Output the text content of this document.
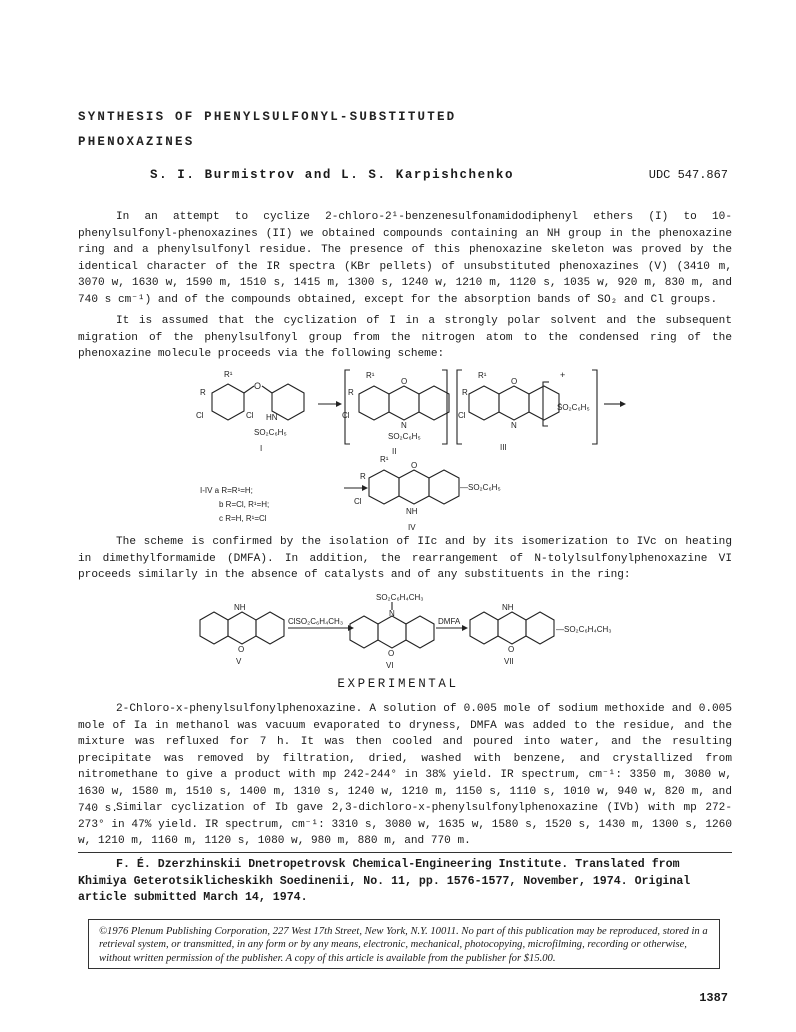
SYNTHESIS OF PHENYLSULFONYL-SUBSTITUTED
PHENOXAZINES
S. I. Burmistrov and L. S. Karpishchenko	UDC 547.867
In an attempt to cyclize 2-chloro-2¹-benzenesulfonamidodiphenyl ethers (I) to 10-phenylsulfonyl-phenoxazines (II) we obtained compounds containing an NH group in the phenoxazine ring and a phenylsulfonyl residue. The presence of this phenoxazine skeleton was proved by the identical character of the IR spectra (KBr pellets) of unsubstituted phenoxazines (V) (3410 m, 3070 w, 1630 w, 1590 m, 1510 s, 1415 m, 1300 s, 1240 w, 1210 m, 1120 s, 1035 w, 920 m, 830 m, and 740 s cm⁻¹) and of the compounds obtained, except for the absorption bands of SO₂ and Cl groups.
It is assumed that the cyclization of I in a strongly polar solvent and the subsequent migration of the phenylsulfonyl group from the nitrogen atom to the condensed ring of the phenoxazine molecule proceeds via the following scheme:
O
R¹
R
Cl	Cl HN
SO₂C₆H₅
I
R¹
R
Cl
O
N
SO₂C₆H₅
II
R¹
R
Cl
O
N
+
S̄O₂C₆H₅
III
R¹
R
Cl
O
NH
—SO₂C₆H₅
IV
I-IV a R=R¹=H;
b R=Cl, R¹=H;
c R=H, R¹=Cl
The scheme is confirmed by the isolation of IIc and by its isomerization to IVc on heating in dimethylformamide (DMFA). In addition, the rearrangement of N-tolylsulfonylphenoxazine VI proceeds similarly in the absence of catalysts and of any substituents in the ring:
NH
O
V
ClSO₂C₆H₄CH₃
SO₂C₆H₄CH₃
N
O
VI
DMFA
NH
O
—SO₂C₆H₄CH₃
VII
EXPERIMENTAL
2-Chloro-x-phenylsulfonylphenoxazine. A solution of 0.005 mole of sodium methoxide and 0.005 mole of Ia in methanol was vacuum evaporated to dryness, DMFA was added to the residue, and the mixture was refluxed for 7 h. It was then cooled and poured into water, and the resulting precipitate was removed by filtration, dried, washed with benzene, and crystallized from nitromethane to give a product with mp 242-244° in 38% yield. IR spectrum, cm⁻¹: 3350 m, 3080 w, 1630 w, 1580 m, 1510 s, 1400 m, 1310 s, 1240 w, 1210 m, 1150 s, 1110 s, 1010 w, 940 w, 820 m, and 740 s.
Similar cyclization of Ib gave 2,3-dichloro-x-phenylsulfonylphenoxazine (IVb) with mp 272-273° in 47% yield. IR spectrum, cm⁻¹: 3310 s, 3080 w, 1635 w, 1580 s, 1520 s, 1430 m, 1300 s, 1260 w, 1210 m, 1160 m, 1120 s, 1080 w, 980 m, 880 m, and 770 m.
F. É. Dzerzhinskii Dnetropetrovsk Chemical-Engineering Institute. Translated from Khimiya Geterotsiklicheskikh Soedinenii, No. 11, pp. 1576-1577, November, 1974. Original article submitted March 14, 1974.
©1976 Plenum Publishing Corporation, 227 West 17th Street, New York, N.Y. 10011. No part of this publication may be reproduced, stored in a retrieval system, or transmitted, in any form or by any means, electronic, mechanical, photocopying, microfilming, recording or otherwise, without written permission of the publisher. A copy of this article is available from the publisher for $15.00.
1387
